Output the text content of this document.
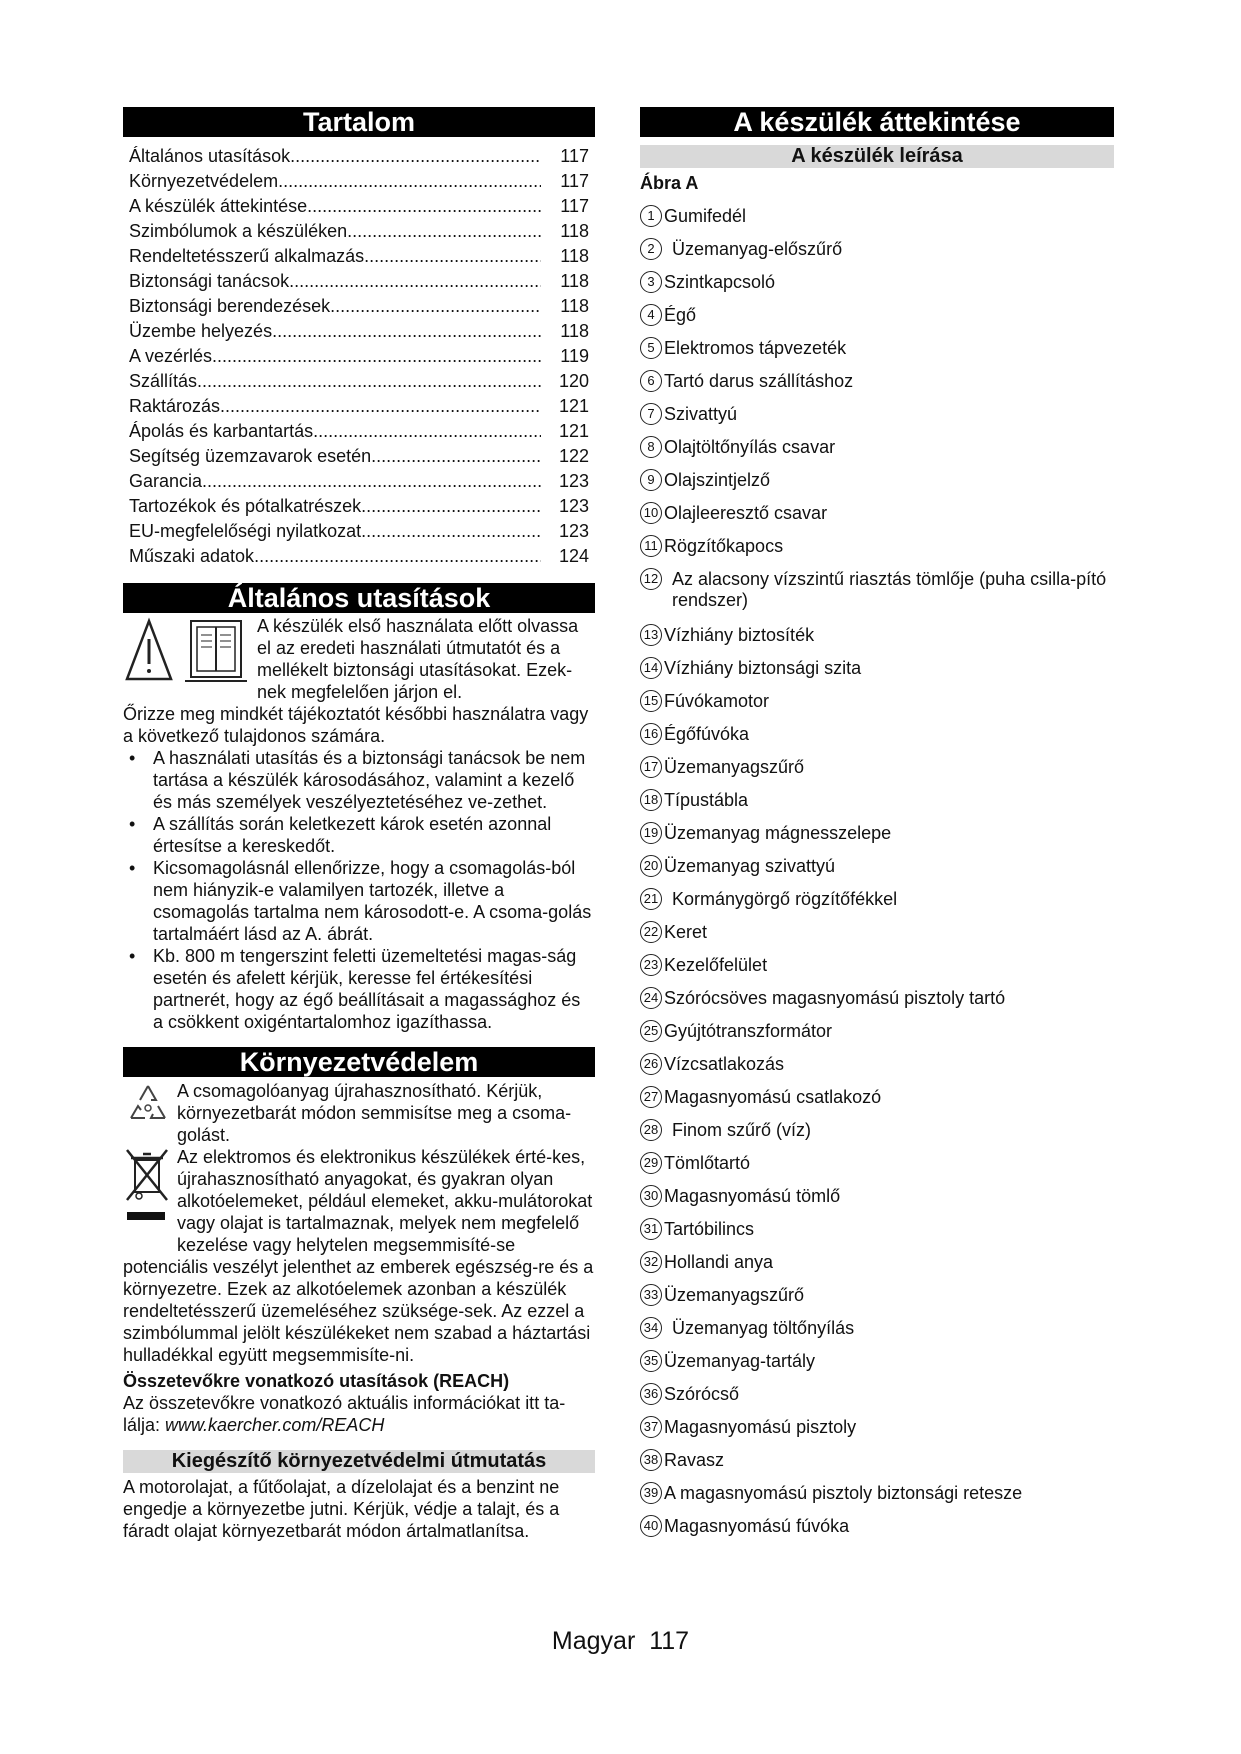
Tartalom
Általános utasítások .....	117
Környezetvédelem .....	117
A készülék áttekintése .....	117
Szimbólumok a készüléken .....	118
Rendeltetésszerű alkalmazás .....	118
Biztonsági tanácsok .....	118
Biztonsági berendezések .....	118
Üzembe helyezés .....	118
A vezérlés .....	119
Szállítás .....	120
Raktározás .....	121
Ápolás és karbantartás .....	121
Segítség üzemzavarok esetén .....	122
Garancia .....	123
Tartozékok és pótalkatrészek .....	123
EU-megfelelőségi nyilatkozat .....	123
Műszaki adatok .....	124
Általános utasítások

A készülék első használata előtt olvassa el az eredeti használati útmutatót és a mellékelt biztonsági utasításokat. Ezek-nek megfelelően járjon el.

Őrizze meg mindkét tájékoztatót későbbi használatra vagy a következő tulajdonos számára.

• A használati utasítás és a biztonsági tanácsok be nem tartása a készülék károsodásához, valamint a kezelő és más személyek veszélyeztetéséhez ve-zethet.
• A szállítás során keletkezett károk esetén azonnal értesítse a kereskedőt.
• Kicsomagolásnál ellenőrizze, hogy a csomagolás-ból nem hiányzik-e valamilyen tartozék, illetve a csomagolás tartalma nem károsodott-e. A csoma-golás tartalmáért lásd az A. ábrát.
• Kb. 800 m tengerszint feletti üzemeltetési magas-ság esetén és afelett kérjük, keresse fel értékesítési partnerét, hogy az égő beállításait a magassághoz és a csökkent oxigéntartalomhoz igazíthassa.
Környezetvédelem

A csomagolóanyag újrahasznosítható. Kérjük, környezetbarát módon semmisítse meg a csoma-golást.

Az elektromos és elektronikus készülékek érté-kes, újrahasznosítható anyagokat, és gyakran olyan alkotóelemeket, például elemeket, akku-mulátorokat vagy olajat is tartalmaznak, melyek nem megfelelő kezelése vagy helytelen megsemmisíté-se potenciális veszélyt jelenthet az emberek egészség-re és a környezetre. Ezek az alkotóelemek azonban a készülék rendeltetésszerű üzemeléséhez szüksége-sek. Az ezzel a szimbólummal jelölt készülékeket nem szabad a háztartási hulladékkal együtt megsemmisíte-ni.

Összetevőkre vonatkozó utasítások (REACH)

Az összetevőkre vonatkozó aktuális információkat itt ta-lálja: www.kaercher.com/REACH

Kiegészítő környezetvédelmi útmutatás

A motorolajat, a fűtőolajat, a dízelolajat és a benzint ne engedje a környezetbe jutni. Kérjük, védje a talajt, és a fáradt olajat környezetbarát módon ártalmatlanítsa.

A készülék áttekintése
A készülék leírása
Ábra A
1 Gumifedél
2 Üzemanyag-előszűrő
3 Szintkapcsoló
4 Égő
5 Elektromos tápvezeték
6 Tartó darus szállításhoz
7 Szivattyú
8 Olajtöltőnyílás csavar
9 Olajszintjelző
10 Olajleeresztő csavar
11 Rögzítőkapocs
12 Az alacsony vízszintű riasztás tömlője (puha csilla-pító rendszer)
13 Vízhiány biztosíték
14 Vízhiány biztonsági szita
15 Fúvókamotor
16 Égőfúvóka
17 Üzemanyagszűrő
18 Típustábla
19 Üzemanyag mágnesszelepe
20 Üzemanyag szivattyú
21 Kormánygörgő rögzítőfékkel
22 Keret
23 Kezelőfelület
24 Szórócsöves magasnyomású pisztoly tartó
25 Gyújtótranszformátor
26 Vízcsatlakozás
27 Magasnyomású csatlakozó
28 Finom szűrő (víz)
29 Tömlőtartó
30 Magasnyomású tömlő
31 Tartóbilincs
32 Hollandi anya
33 Üzemanyagszűrő
34 Üzemanyag töltőnyílás
35 Üzemanyag-tartály
36 Szórócső
37 Magasnyomású pisztoly
38 Ravasz
39 A magasnyomású pisztoly biztonsági retesze
40 Magasnyomású fúvóka
Magyar 117
